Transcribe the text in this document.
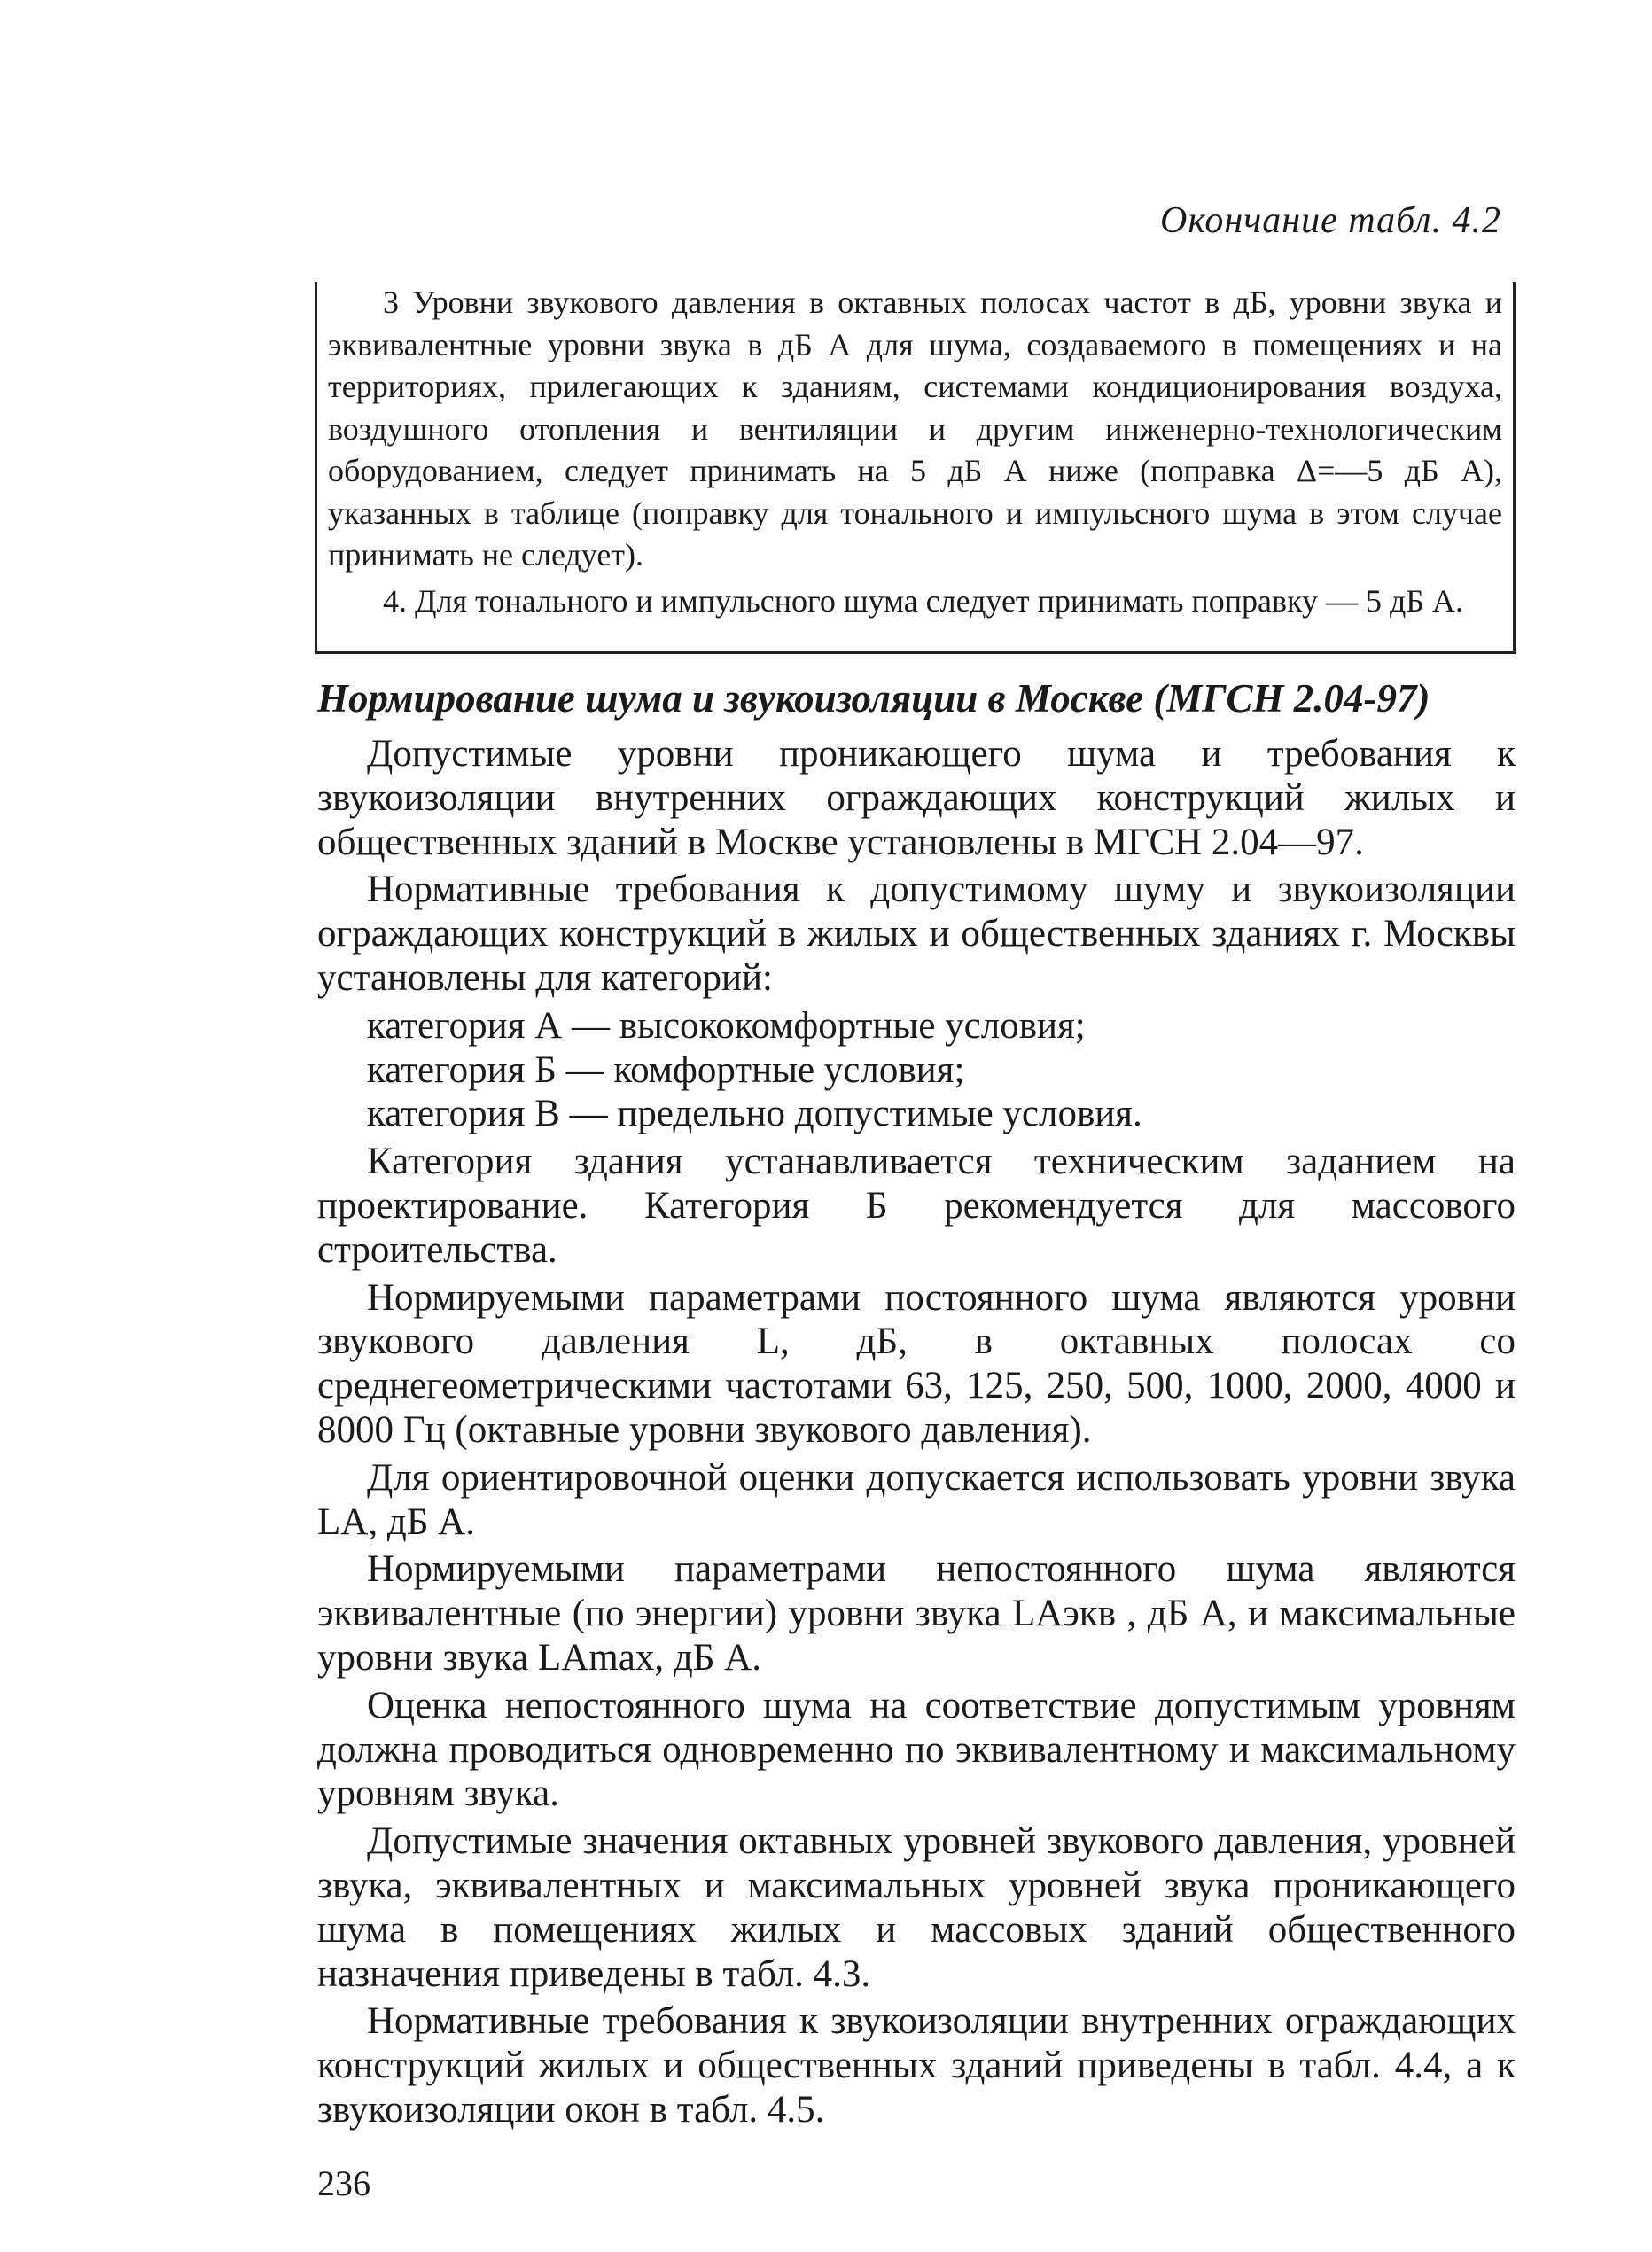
Окончание табл. 4.2

3 Уровни звукового давления в октавных полосах частот в дБ, уровни звука и эквивалентные уровни звука в дБ А для шума, создаваемого в помещениях и на территориях, прилегающих к зданиям, системами кондиционирования воздуха, воздушного отопления и вентиляции и другим инженерно-технологическим оборудованием, следует принимать на 5 дБ А ниже (поправка Δ=—5 дБ А), указанных в таблице (поправку для тонального и импульсного шума в этом случае принимать не следует).

4. Для тонального и импульсного шума следует принимать поправку — 5 дБ А.

Нормирование шума и звукоизоляции в Москве (МГСН 2.04-97)

Допустимые уровни проникающего шума и требования к звукоизоляции внутренних ограждающих конструкций жилых и общественных зданий в Москве установлены в МГСН 2.04—97.

Нормативные требования к допустимому шуму и звукоизоляции ограждающих конструкций в жилых и общественных зданиях г. Москвы установлены для категорий:

категория А — высококомфортные условия;

категория Б — комфортные условия;

категория В — предельно допустимые условия.

Категория здания устанавливается техническим заданием на проектирование. Категория Б рекомендуется для массового строительства.

Нормируемыми параметрами постоянного шума являются уровни звукового давления L, дБ, в октавных полосах со среднегеометрическими частотами 63, 125, 250, 500, 1000, 2000, 4000 и 8000 Гц (октавные уровни звукового давления).

Для ориентировочной оценки допускается использовать уровни звука LA, дБ А.

Нормируемыми параметрами непостоянного шума являются эквивалентные (по энергии) уровни звука LAэкв , дБ А, и максимальные уровни звука LAmax, дБ А.

Оценка непостоянного шума на соответствие допустимым уровням должна проводиться одновременно по эквивалентному и максимальному уровням звука.

Допустимые значения октавных уровней звукового давления, уровней звука, эквивалентных и максимальных уровней звука проникающего шума в помещениях жилых и массовых зданий общественного назначения приведены в табл. 4.3.

Нормативные требования к звукоизоляции внутренних ограждающих конструкций жилых и общественных зданий приведены в табл. 4.4, а к звукоизоляции окон в табл. 4.5.

236
